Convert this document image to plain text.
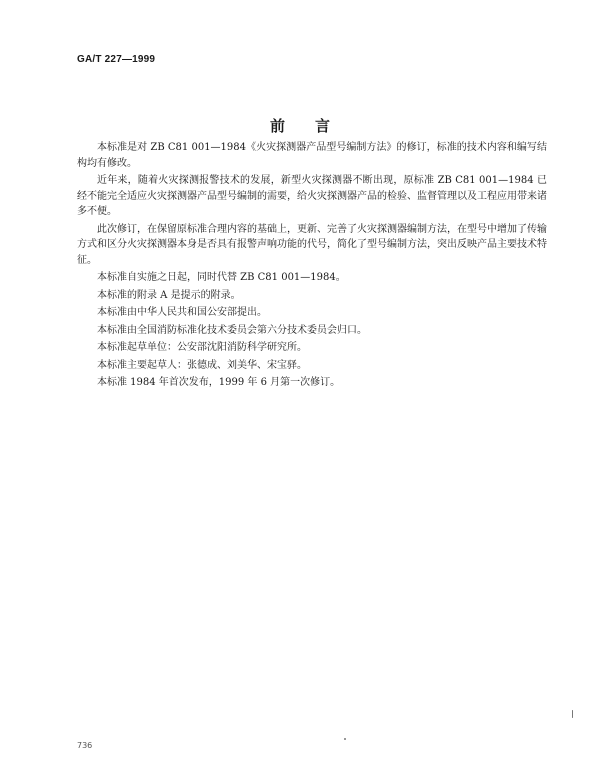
GA/T 227—1999
前言

本标准是对 ZB C81 001—1984《火灾探测器产品型号编制方法》的修订，标准的技术内容和编写结构均有修改。

近年来，随着火灾探测报警技术的发展，新型火灾探测器不断出现，原标准 ZB C81 001—1984 已经不能完全适应火灾探测器产品型号编制的需要，给火灾探测器产品的检验、监督管理以及工程应用带来诸多不便。

此次修订，在保留原标准合理内容的基础上，更新、完善了火灾探测器编制方法，在型号中增加了传输方式和区分火灾探测器本身是否具有报警声响功能的代号，简化了型号编制方法，突出反映产品主要技术特征。

本标准自实施之日起，同时代替 ZB C81 001—1984。

本标准的附录 A 是提示的附录。

本标准由中华人民共和国公安部提出。

本标准由全国消防标准化技术委员会第六分技术委员会归口。

本标准起草单位：公安部沈阳消防科学研究所。

本标准主要起草人：张德成、刘美华、宋宝驿。

本标准 1984 年首次发布，1999 年 6 月第一次修订。

736
